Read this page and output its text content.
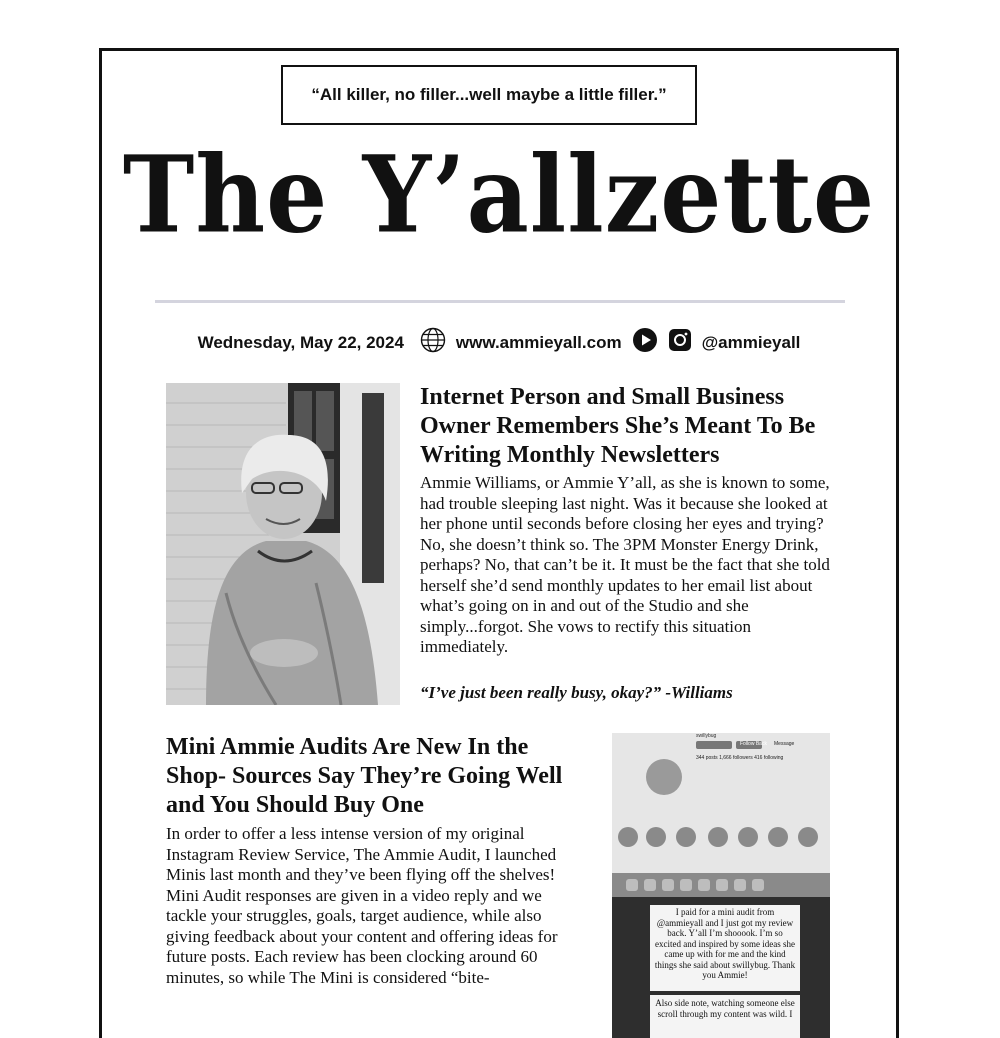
“All killer, no filler...well maybe a little filler.”
The Y’allzette
Wednesday, May 22, 2024	www.ammieyall.com	@ammieyall
Internet Person and Small Business Owner Remembers She’s Meant To Be Writing Monthly Newsletters

Ammie Williams, or Ammie Y’all, as she is known to some, had trouble sleeping last night. Was it because she looked at her phone until seconds before closing her eyes and trying? No, she doesn’t think so. The 3PM Monster Energy Drink, perhaps? No, that can’t be it. It must be the fact that she told herself she’d send monthly updates to her email list about what’s going on in and out of the Studio and she simply...forgot. She vows to rectify this situation immediately.

“I’ve just been really busy, okay?” -Williams
Mini Ammie Audits Are New In the Shop- Sources Say They’re Going Well and You Should Buy One

In order to offer a less intense version of my original Instagram Review Service, The Ammie Audit, I launched Minis last month and they’ve been flying off the shelves! Mini Audit responses are given in a video reply and we tackle your struggles, goals, target audience, while also giving feedback about your content and offering ideas for future posts. Each review has been clocking around 60 minutes, so while The Mini is considered “bite-

I paid for a mini audit from @ammieyall and I just got my review back. Y’all I’m shooook. I’m so excited and inspired by some ideas she came up with for me and the kind things she said about swillybug. Thank you Ammie!
Also side note, watching someone else scroll through my content was wild. I
swillybug
Follow Back Message
344 posts 1,666 followers 416 following
